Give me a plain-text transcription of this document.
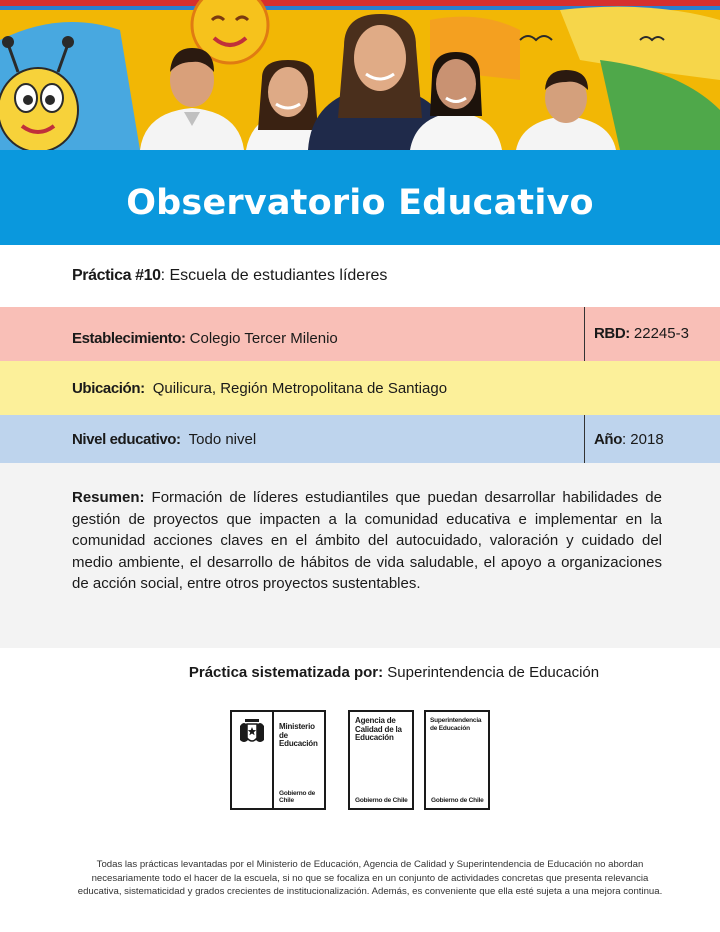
Observatorio Educativo
Práctica #10 : Escuela de estudiantes líderes
Establecimiento: Colegio Tercer Milenio	RBD: 22245-3
Ubicación: Quilicura, Región Metropolitana de Santiago
Nivel educativo: Todo nivel	Año : 2018

Resumen: Formación de líderes estudiantiles que puedan desarrollar habilidades de gestión de proyectos que impacten a la comunidad educativa e implementar en la comunidad acciones claves en el ámbito del autocuidado, valoración y cuidado del medio ambiente, el desarrollo de hábitos de vida saludable, el apoyo a organizaciones de acción social, entre otros proyectos sustentables.

Práctica sistematizada por: Superintendencia de Educación
Ministerio de
Educación
Gobierno de Chile
Agencia de
Calidad de la
Educación
Gobierno de Chile
Superintendencia
de Educación
Gobierno de Chile
Todas las prácticas levantadas por el Ministerio de Educación, Agencia de Calidad y Superintendencia de Educación no abordan
necesariamente todo el hacer de la escuela, si no que se focaliza en un conjunto de actividades concretas que presenta relevancia
educativa, sistematicidad y grados crecientes de institucionalización. Además, es conveniente que ella esté sujeta a una mejora continua.
